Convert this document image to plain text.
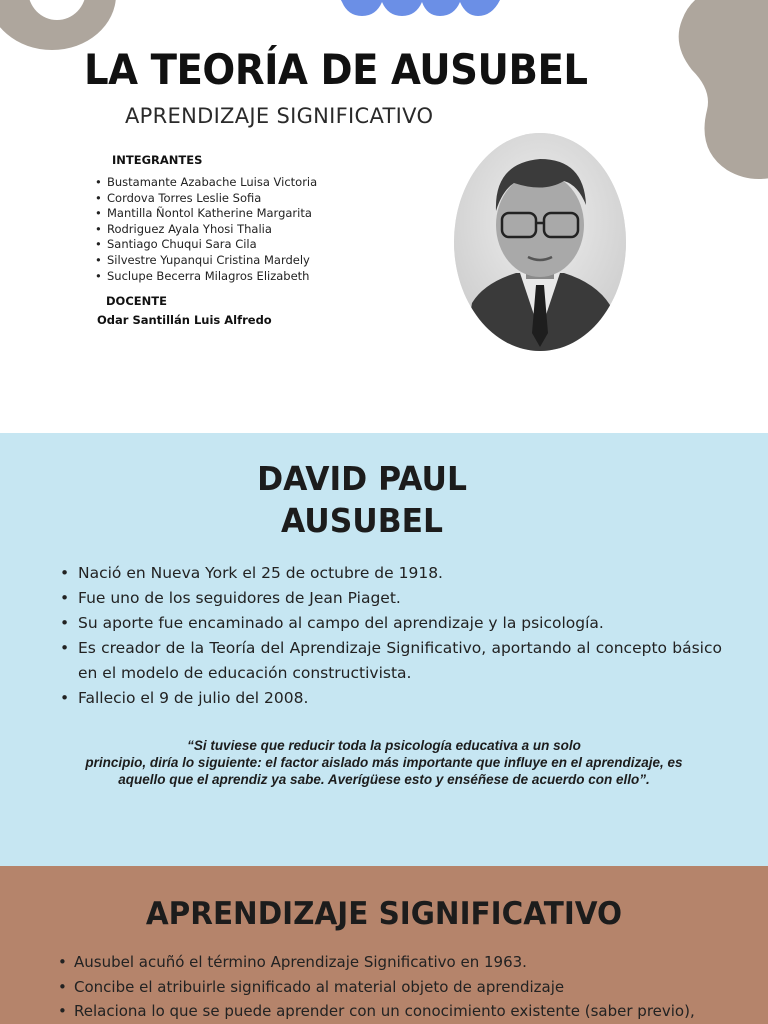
LA TEORÍA DE AUSUBEL
APRENDIZAJE SIGNIFICATIVO
INTEGRANTES
• Bustamante Azabache Luisa Victoria
• Cordova Torres Leslie Sofia
• Mantilla Ñontol Katherine Margarita
• Rodriguez Ayala Yhosi Thalia
• Santiago Chuqui Sara Cila
• Silvestre Yupanqui Cristina Mardely
• Suclupe Becerra Milagros Elizabeth
DOCENTE
Odar Santillán Luis Alfredo
DAVID PAUL
AUSUBEL
• Nació en Nueva York el 25 de octubre de 1918.
• Fue uno de los seguidores de Jean Piaget.
• Su aporte fue encaminado al campo del aprendizaje y la psicología.
• Es creador de la Teoría del Aprendizaje Significativo, aportando al concepto básico en el modelo de educación constructivista.
• Fallecio el 9 de julio del 2008.
“Si tuviese que reducir toda la psicología educativa a un solo
principio, diría lo siguiente: el factor aislado más importante que influye en el aprendizaje, es
aquello que el aprendiz ya sabe. Averígüese esto y enséñese de acuerdo con ello”.
APRENDIZAJE SIGNIFICATIVO
• Ausubel acuñó el término Aprendizaje Significativo en 1963.
• Concibe el atribuirle significado al material objeto de aprendizaje
• Relaciona lo que se puede aprender con un conocimiento existente (saber previo),
